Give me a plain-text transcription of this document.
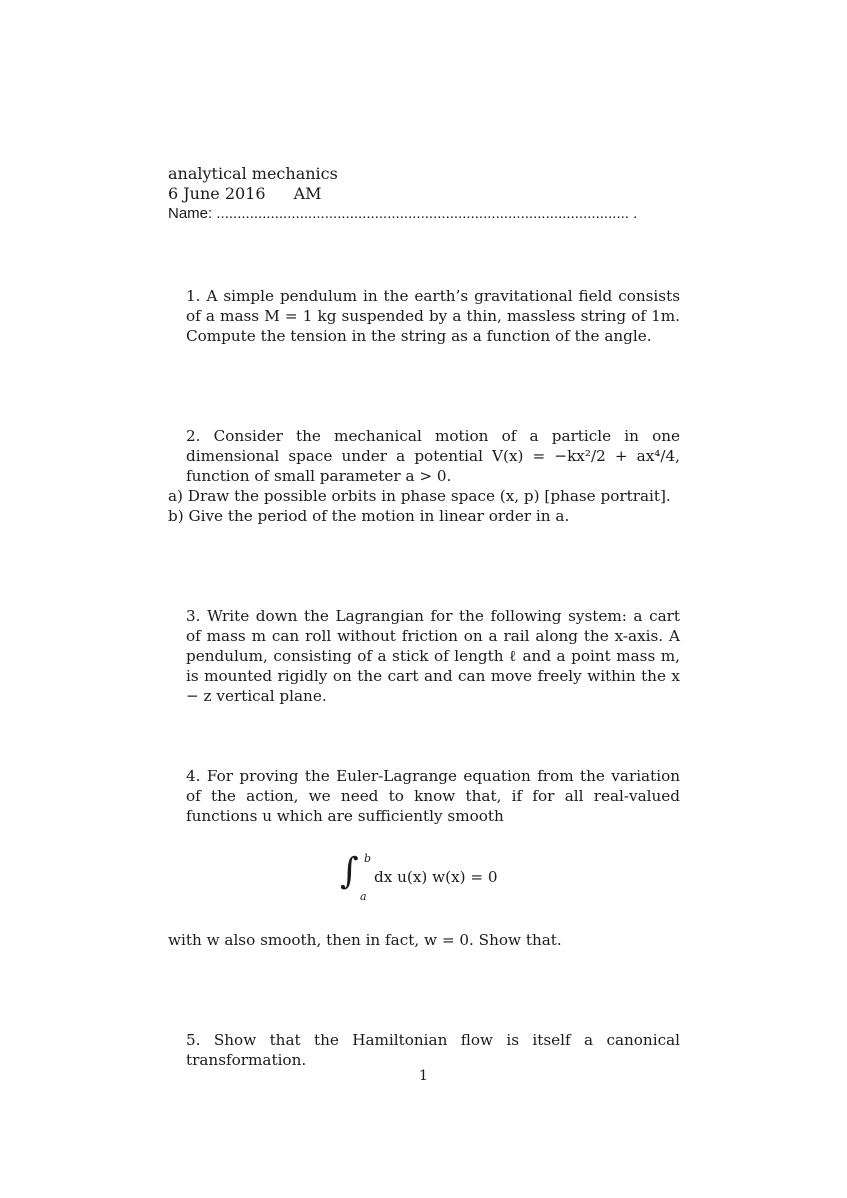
analytical mechanics
6 June 2016 AM
Name: ................................................................................................... .

1. A simple pendulum in the earth’s gravitational field consists of a mass M = 1 kg suspended by a thin, massless string of 1m. Compute the tension in the string as a function of the angle.

2. Consider the mechanical motion of a particle in one dimensional space under a potential V(x) = −kx²/2 + ax⁴/4, function of small parameter a > 0.

a) Draw the possible orbits in phase space (x, p) [phase portrait].

b) Give the period of the motion in linear order in a.

3. Write down the Lagrangian for the following system: a cart of mass m can roll without friction on a rail along the x-axis. A pendulum, consisting of a stick of length ℓ and a point mass m, is mounted rigidly on the cart and can move freely within the x − z vertical plane.

4. For proving the Euler-Lagrange equation from the variation of the action, we need to know that, if for all real-valued functions u which are sufficiently smooth

∫ b
a
dx u(x) w(x) = 0

with w also smooth, then in fact, w = 0. Show that.

5. Show that the Hamiltonian flow is itself a canonical transformation.

1
